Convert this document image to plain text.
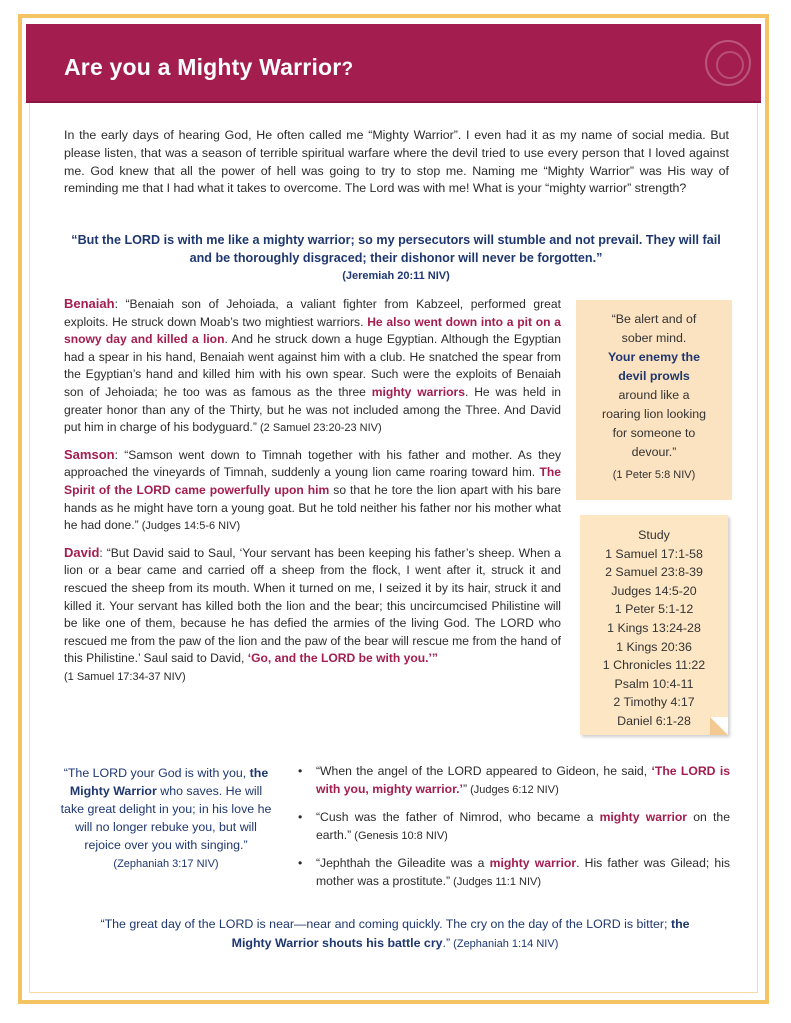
Are you a Mighty Warrior?
In the early days of hearing God, He often called me “Mighty Warrior”. I even had it as my name of social media. But please listen, that was a season of terrible spiritual warfare where the devil tried to use every person that I loved against me. God knew that all the power of hell was going to try to stop me. Naming me “Mighty Warrior” was His way of reminding me that I had what it takes to overcome. The Lord was with me! What is your “mighty warrior” strength?
“But the LORD is with me like a mighty warrior; so my persecutors will stumble and not prevail. They will fail and be thoroughly disgraced; their dishonor will never be forgotten.”
(Jeremiah 20:11 NIV)

Benaiah: “Benaiah son of Jehoiada, a valiant fighter from Kabzeel, performed great exploits. He struck down Moab’s two mightiest warriors. He also went down into a pit on a snowy day and killed a lion. And he struck down a huge Egyptian. Although the Egyptian had a spear in his hand, Benaiah went against him with a club. He snatched the spear from the Egyptian’s hand and killed him with his own spear. Such were the exploits of Benaiah son of Jehoiada; he too was as famous as the three mighty warriors. He was held in greater honor than any of the Thirty, but he was not included among the Three. And David put him in charge of his bodyguard.” (2 Samuel 23:20-23 NIV)

Samson: “Samson went down to Timnah together with his father and mother. As they approached the vineyards of Timnah, suddenly a young lion came roaring toward him. The Spirit of the LORD came powerfully upon him so that he tore the lion apart with his bare hands as he might have torn a young goat. But he told neither his father nor his mother what he had done.” (Judges 14:5-6 NIV)

David: “But David said to Saul, ‘Your servant has been keeping his father’s sheep. When a lion or a bear came and carried off a sheep from the flock, I went after it, struck it and rescued the sheep from its mouth. When it turned on me, I seized it by its hair, struck it and killed it. Your servant has killed both the lion and the bear; this uncircumcised Philistine will be like one of them, because he has defied the armies of the living God. The LORD who rescued me from the paw of the lion and the paw of the bear will rescue me from the hand of this Philistine.’ Saul said to David, ‘Go, and the LORD be with you.’”
(1 Samuel 17:34-37 NIV)

“Be alert and of sober mind.
Your enemy the devil prowls
around like a roaring lion looking for someone to devour.”
(1 Peter 5:8 NIV)
Study
1 Samuel 17:1-58
2 Samuel 23:8-39
Judges 14:5-20
1 Peter 5:1-12
1 Kings 13:24-28
1 Kings 20:36
1 Chronicles 11:22
Psalm 10:4-11
2 Timothy 4:17
Daniel 6:1-28
“The LORD your God is with you, the Mighty Warrior who saves. He will take great delight in you; in his love he will no longer rebuke you, but will rejoice over you with singing.”
(Zephaniah 3:17 NIV)
• “When the angel of the LORD appeared to Gideon, he said, ‘The LORD is with you, mighty warrior.’” (Judges 6:12 NIV)
• “Cush was the father of Nimrod, who became a mighty warrior on the earth.” (Genesis 10:8 NIV)
• “Jephthah the Gileadite was a mighty warrior. His father was Gilead; his mother was a prostitute.” (Judges 11:1 NIV)
“The great day of the LORD is near—near and coming quickly. The cry on the day of the LORD is bitter; the Mighty Warrior shouts his battle cry.” (Zephaniah 1:14 NIV)
